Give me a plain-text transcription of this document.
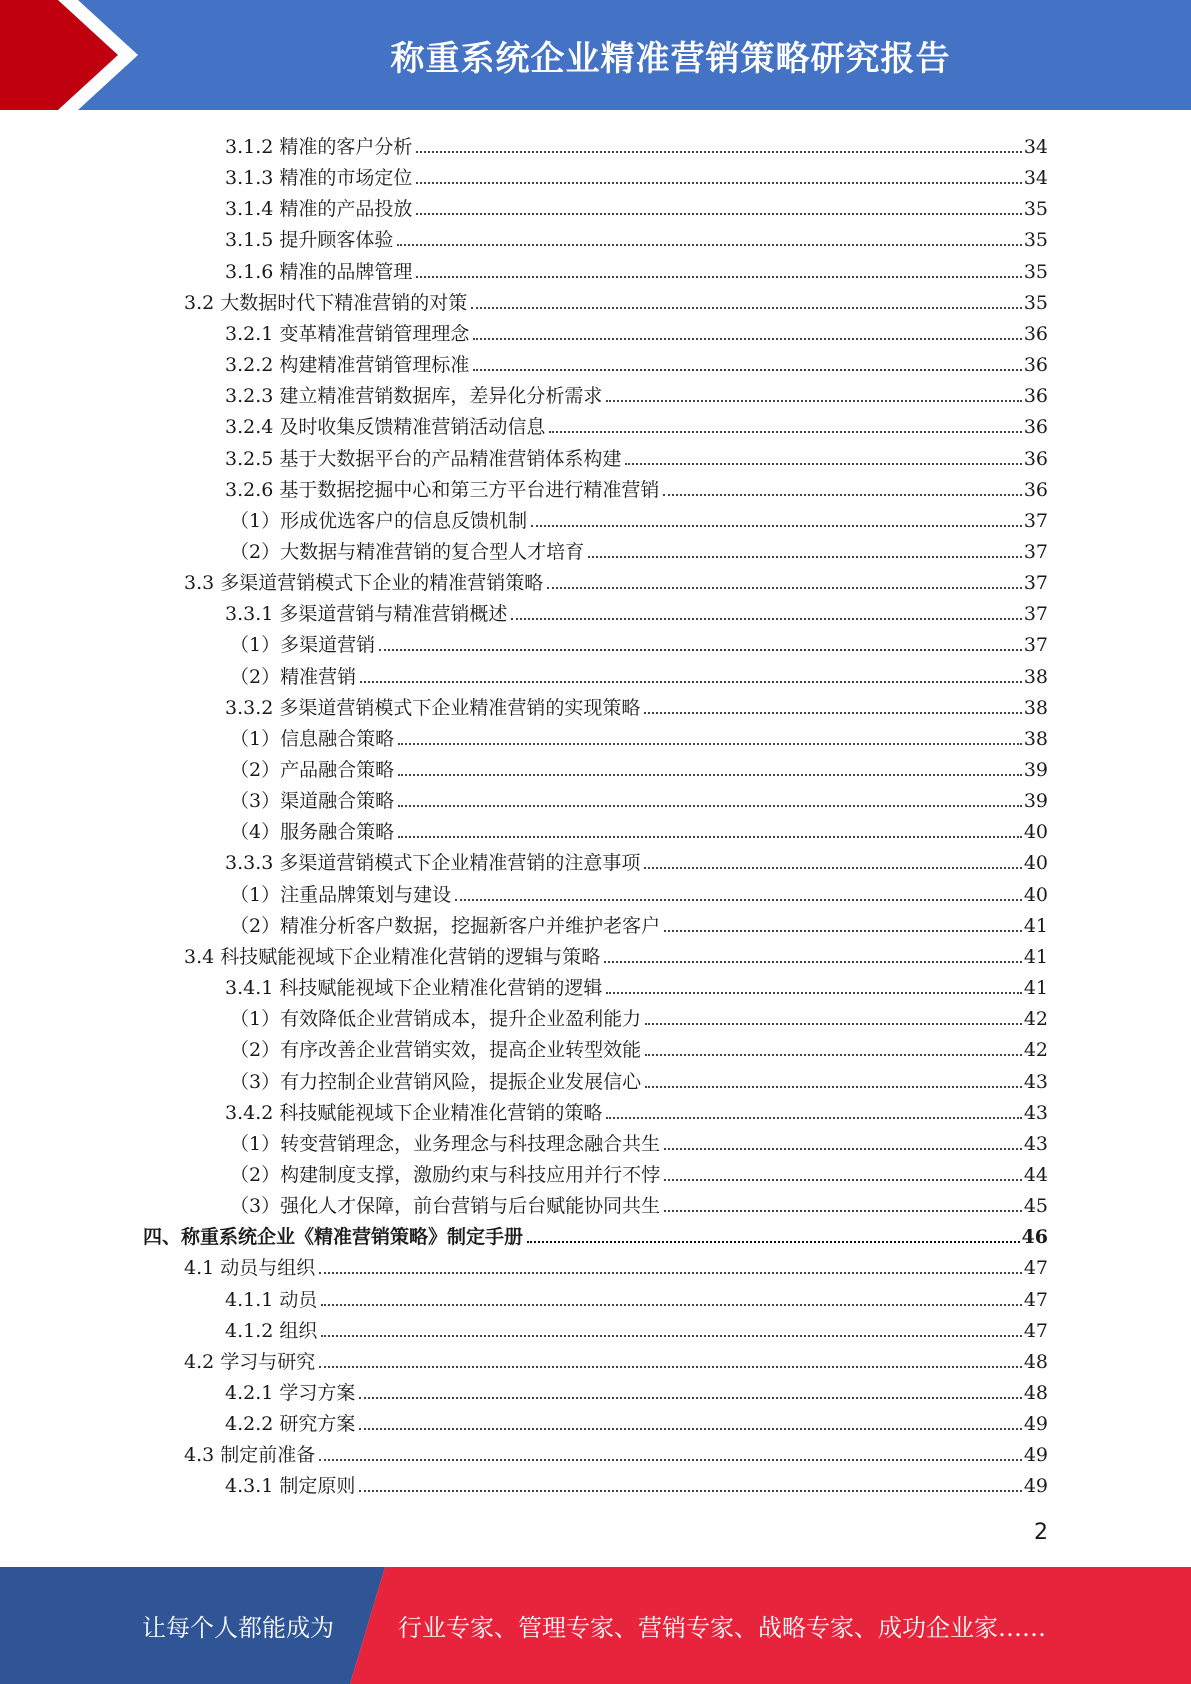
称重系统企业精准营销策略研究报告
3.1.2 精准的客户分析	34
3.1.3 精准的市场定位	34
3.1.4 精准的产品投放	35
3.1.5 提升顾客体验	35
3.1.6 精准的品牌管理	35
3.2 大数据时代下精准营销的对策	35
3.2.1 变革精准营销管理理念	36
3.2.2 构建精准营销管理标准	36
3.2.3 建立精准营销数据库，差异化分析需求	36
3.2.4 及时收集反馈精准营销活动信息	36
3.2.5 基于大数据平台的产品精准营销体系构建	36
3.2.6 基于数据挖掘中心和第三方平台进行精准营销	36
（1）形成优选客户的信息反馈机制	37
（2）大数据与精准营销的复合型人才培育	37
3.3 多渠道营销模式下企业的精准营销策略	37
3.3.1 多渠道营销与精准营销概述	37
（1）多渠道营销	37
（2）精准营销	38
3.3.2 多渠道营销模式下企业精准营销的实现策略	38
（1）信息融合策略	38
（2）产品融合策略	39
（3）渠道融合策略	39
（4）服务融合策略	40
3.3.3 多渠道营销模式下企业精准营销的注意事项	40
（1）注重品牌策划与建设	40
（2）精准分析客户数据，挖掘新客户并维护老客户	41
3.4 科技赋能视域下企业精准化营销的逻辑与策略	41
3.4.1 科技赋能视域下企业精准化营销的逻辑	41
（1）有效降低企业营销成本，提升企业盈利能力	42
（2）有序改善企业营销实效，提高企业转型效能	42
（3）有力控制企业营销风险，提振企业发展信心	43
3.4.2 科技赋能视域下企业精准化营销的策略	43
（1）转变营销理念，业务理念与科技理念融合共生	43
（2）构建制度支撑，激励约束与科技应用并行不悖	44
（3）强化人才保障，前台营销与后台赋能协同共生	45
四、称重系统企业《精准营销策略》制定手册	46
4.1 动员与组织	47
4.1.1 动员	47
4.1.2 组织	47
4.2 学习与研究	48
4.2.1 学习方案	48
4.2.2 研究方案	49
4.3 制定前准备	49
4.3.1 制定原则	49
2
让每个人都能成为	行业专家、管理专家、营销专家、战略专家、成功企业家……
